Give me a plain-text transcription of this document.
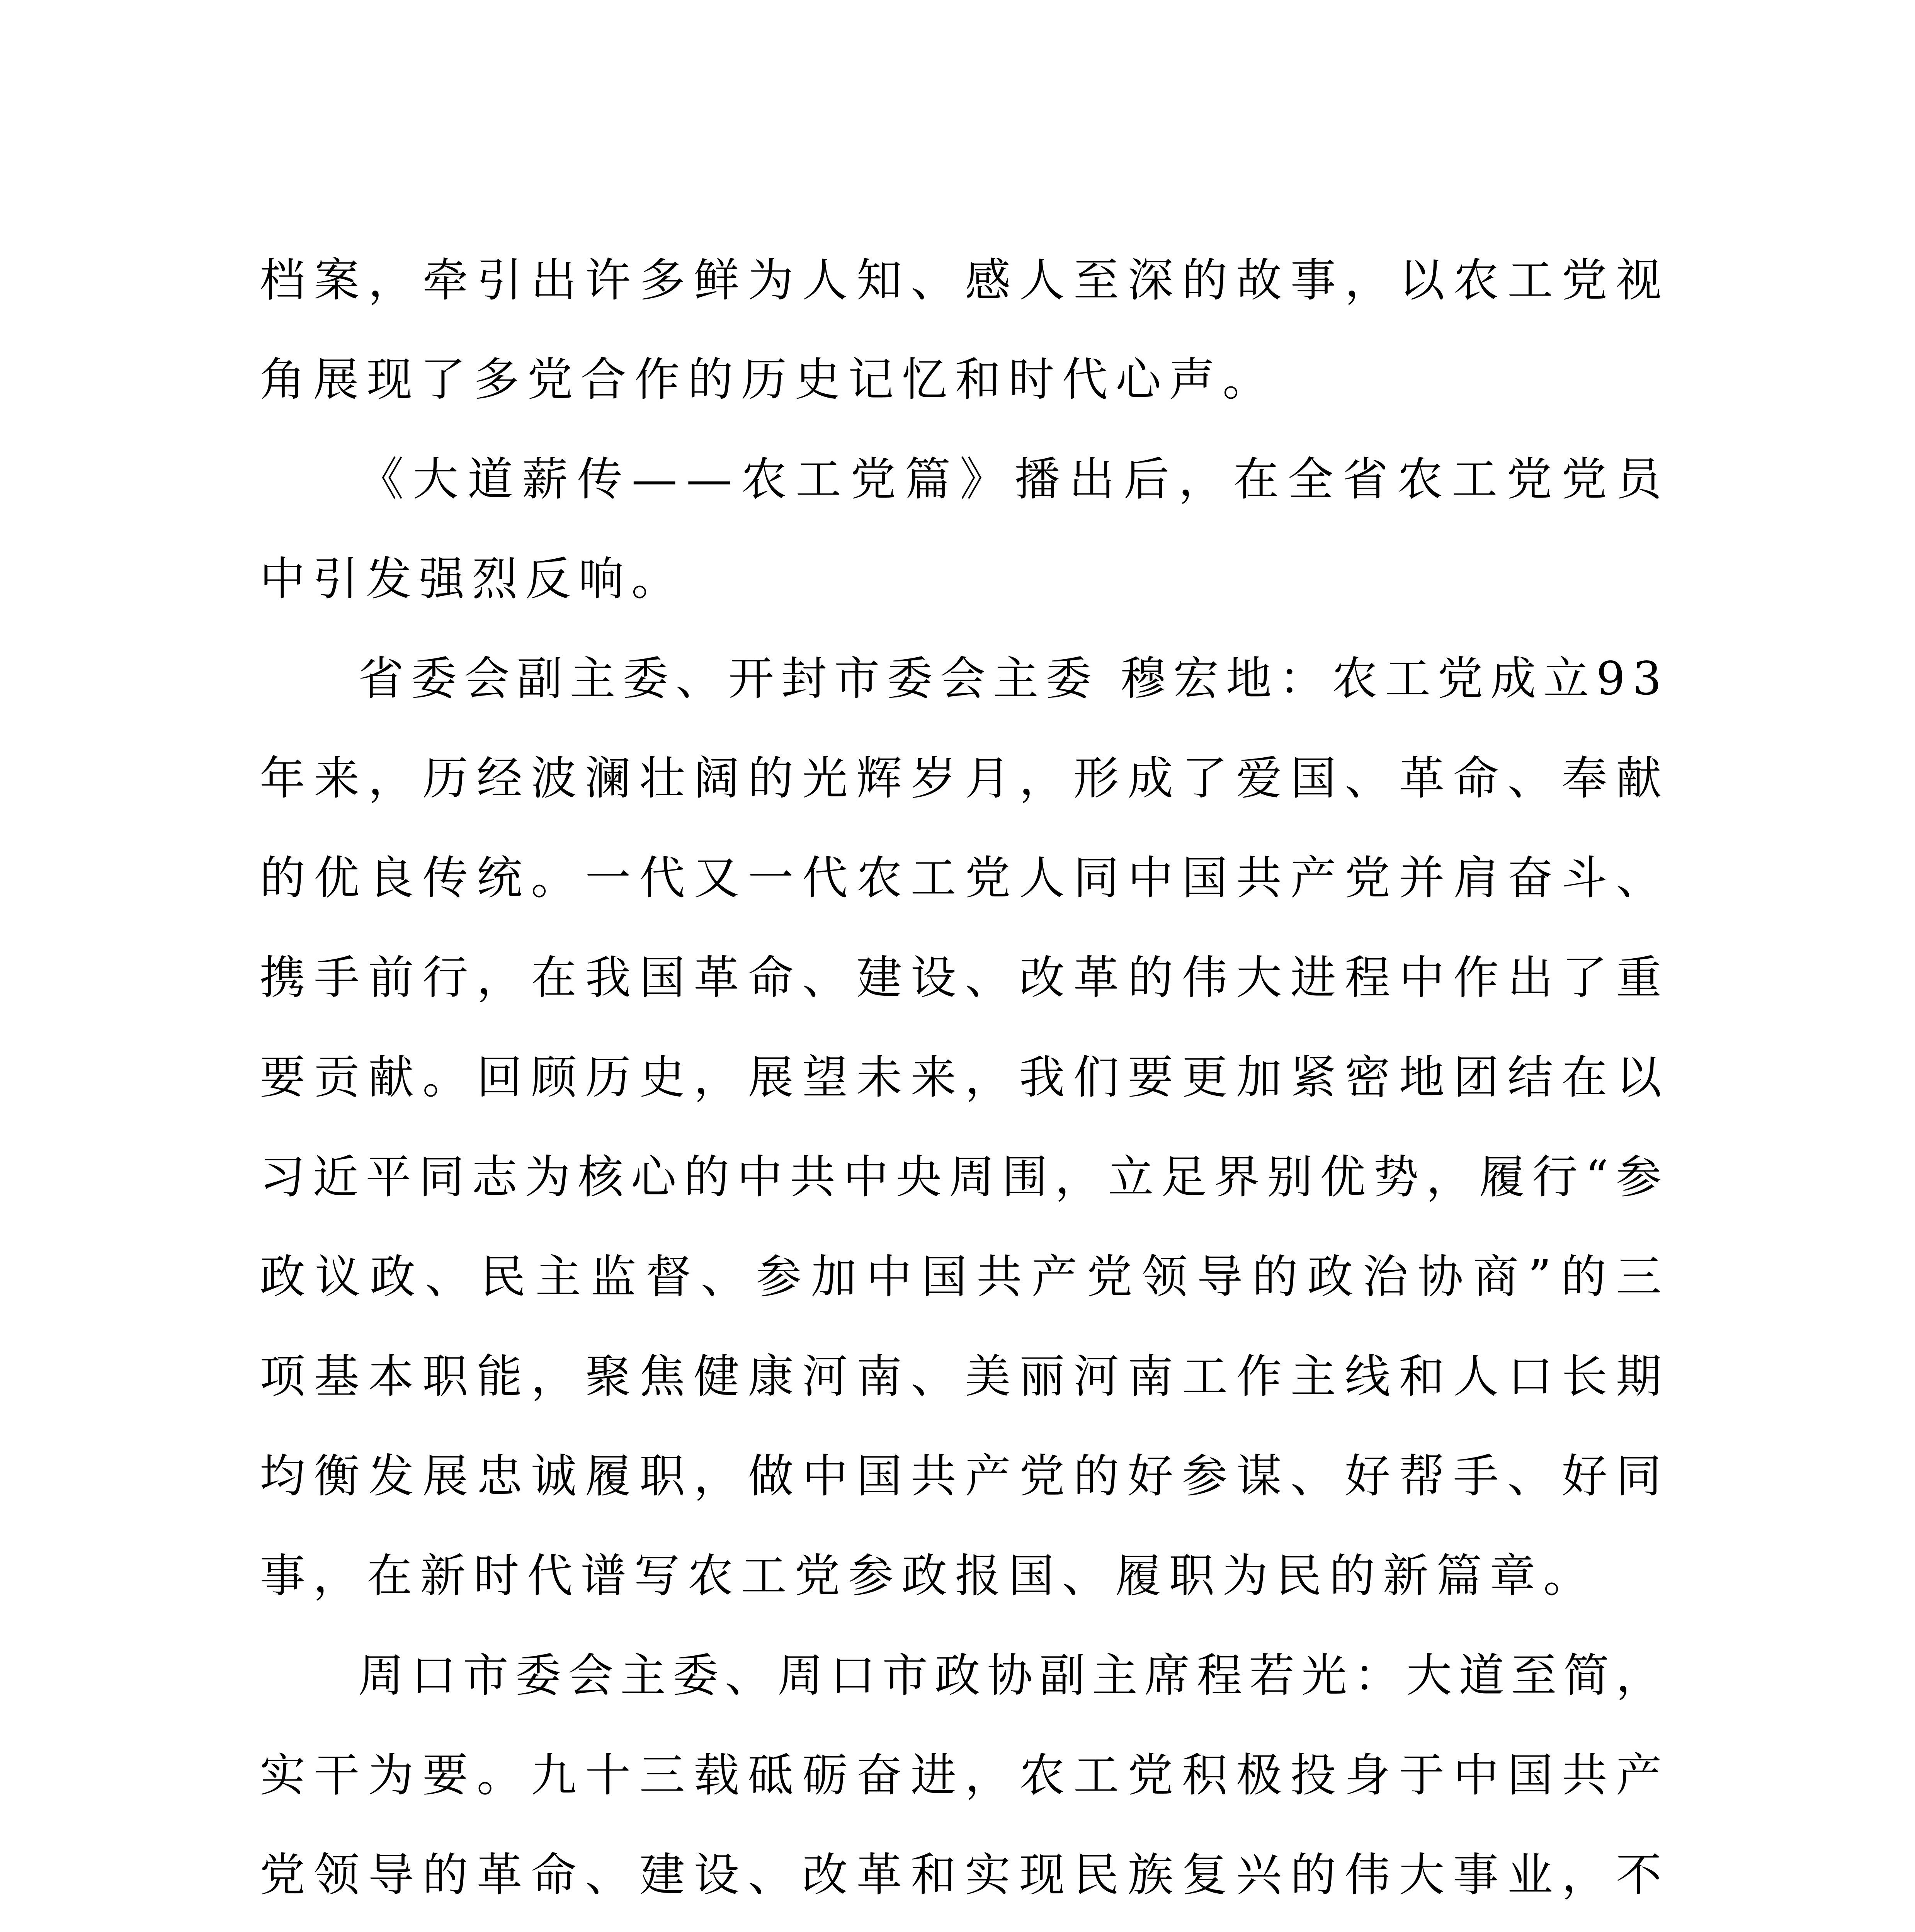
档案，牵引出许多鲜为人知、感人至深的故事，以农工党视
角展现了多党合作的历史记忆和时代心声。
《大道薪传——农工党篇》播出后，在全省农工党党员
中引发强烈反响。
省委会副主委、开封市委会主委 穆宏地：农工党成立93
年来，历经波澜壮阔的光辉岁月，形成了爱国、革命、奉献
的优良传统。一代又一代农工党人同中国共产党并肩奋斗、
携手前行，在我国革命、建设、改革的伟大进程中作出了重
要贡献。回顾历史，展望未来，我们要更加紧密地团结在以
习近平同志为核心的中共中央周围，立足界别优势，履行“参
政议政、民主监督、参加中国共产党领导的政治协商”的三
项基本职能，聚焦健康河南、美丽河南工作主线和人口长期
均衡发展忠诚履职，做中国共产党的好参谋、好帮手、好同
事，在新时代谱写农工党参政报国、履职为民的新篇章。
周口市委会主委、周口市政协副主席程若光：大道至简，
实干为要。九十三载砥砺奋进，农工党积极投身于中国共产
党领导的革命、建设、改革和实现民族复兴的伟大事业，不
